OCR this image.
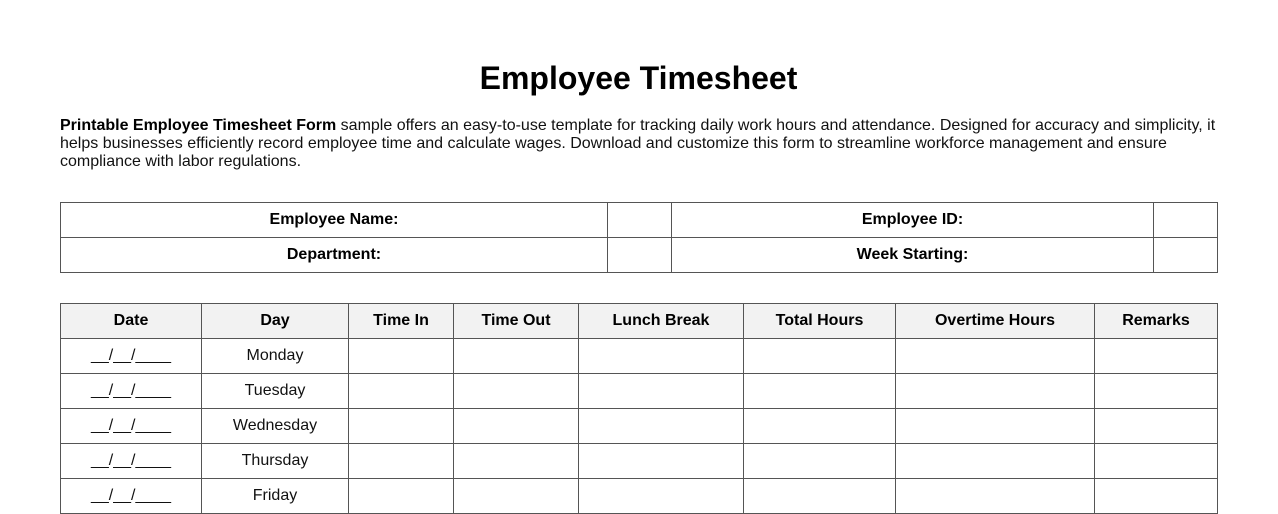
Employee Timesheet

Printable Employee Timesheet Form sample offers an easy-to-use template for tracking daily work hours and attendance. Designed for accuracy and simplicity, it helps businesses efficiently record employee time and calculate wages. Download and customize this form to streamline workforce management and ensure compliance with labor regulations.

Employee Name:		Employee ID:	
Department:		Week Starting:	
Date	Day	Time In	Time Out	Lunch Break	Total Hours	Overtime Hours	Remarks
__/__/____	Monday						
__/__/____	Tuesday						
__/__/____	Wednesday						
__/__/____	Thursday						
__/__/____	Friday						
